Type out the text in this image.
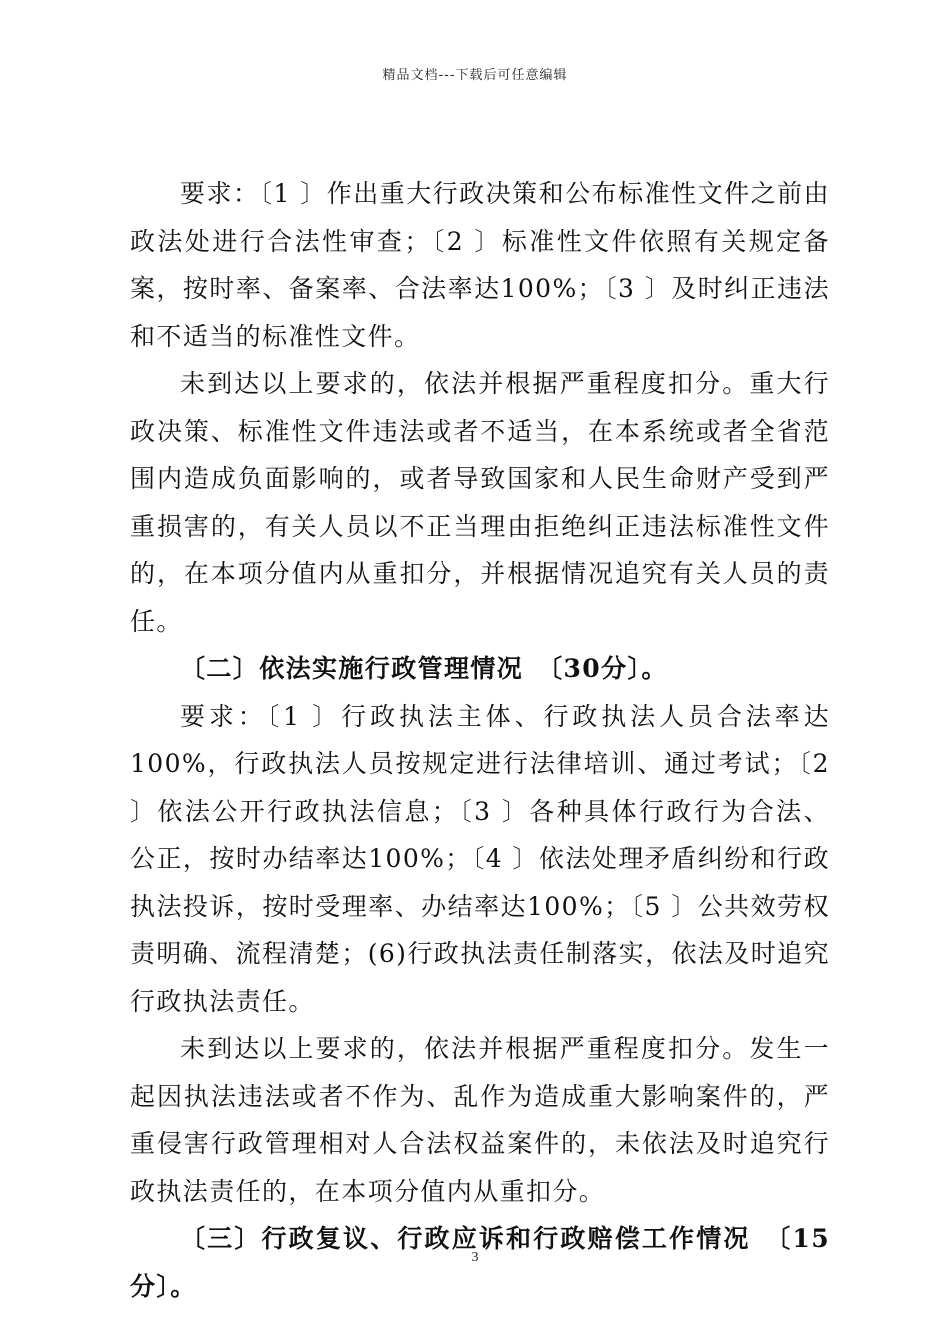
精品文档---下载后可任意编辑

要求：〔1 〕作出重大行政决策和公布标准性文件之前由政法处进行合法性审查；〔2 〕标准性文件依照有关规定备案，按时率、备案率、合法率达100%；〔3 〕及时纠正违法和不适当的标准性文件。

未到达以上要求的，依法并根据严重程度扣分。重大行政决策、标准性文件违法或者不适当，在本系统或者全省范围内造成负面影响的，或者导致国家和人民生命财产受到严重损害的，有关人员以不正当理由拒绝纠正违法标准性文件的，在本项分值内从重扣分，并根据情况追究有关人员的责任。

〔二〕依法实施行政管理情况　〔30分〕。

要求：〔1 〕行政执法主体、行政执法人员合法率达100%，行政执法人员按规定进行法律培训、通过考试；〔2 〕依法公开行政执法信息；〔3 〕各种具体行政行为合法、公正，按时办结率达100%；〔4 〕依法处理矛盾纠纷和行政执法投诉，按时受理率、办结率达100%；〔5 〕公共效劳权责明确、流程清楚；(6)行政执法责任制落实，依法及时追究行政执法责任。

未到达以上要求的，依法并根据严重程度扣分。发生一起因执法违法或者不作为、乱作为造成重大影响案件的，严重侵害行政管理相对人合法权益案件的，未依法及时追究行政执法责任的，在本项分值内从重扣分。

〔三〕行政复议、行政应诉和行政赔偿工作情况　〔15分〕。

3
